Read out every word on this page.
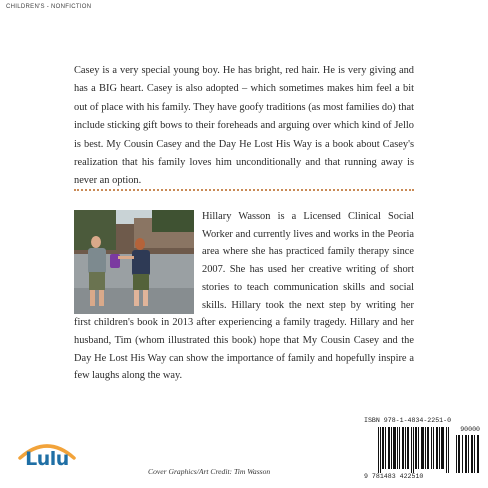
CHILDREN'S - NONFICTION

Casey is a very special young boy. He has bright, red hair. He is very giving and has a BIG heart. Casey is also adopted – which sometimes makes him feel a bit out of place with his family. They have goofy traditions (as most families do) that include sticking gift bows to their foreheads and arguing over which kind of Jello is best. My Cousin Casey and the Day He Lost His Way is a book about Casey's realization that his family loves him unconditionally and that running away is never an option.

Hillary Wasson is a Licensed Clinical Social Worker and currently lives and works in the Peoria area where she has practiced family therapy since 2007. She has used her creative writing of short stories to teach communication skills and social skills. Hillary took the next step by writing her first children's book in 2013 after experiencing a family tragedy. Hillary and her husband, Tim (whom illustrated this book) hope that My Cousin Casey and the Day He Lost His Way can show the importance of family and hopefully inspire a few laughs along the way.

ISBN 978-1-4834-2251-0
90000
9 781483 422510
Lulu
Cover Graphics/Art Credit: Tim Wasson
